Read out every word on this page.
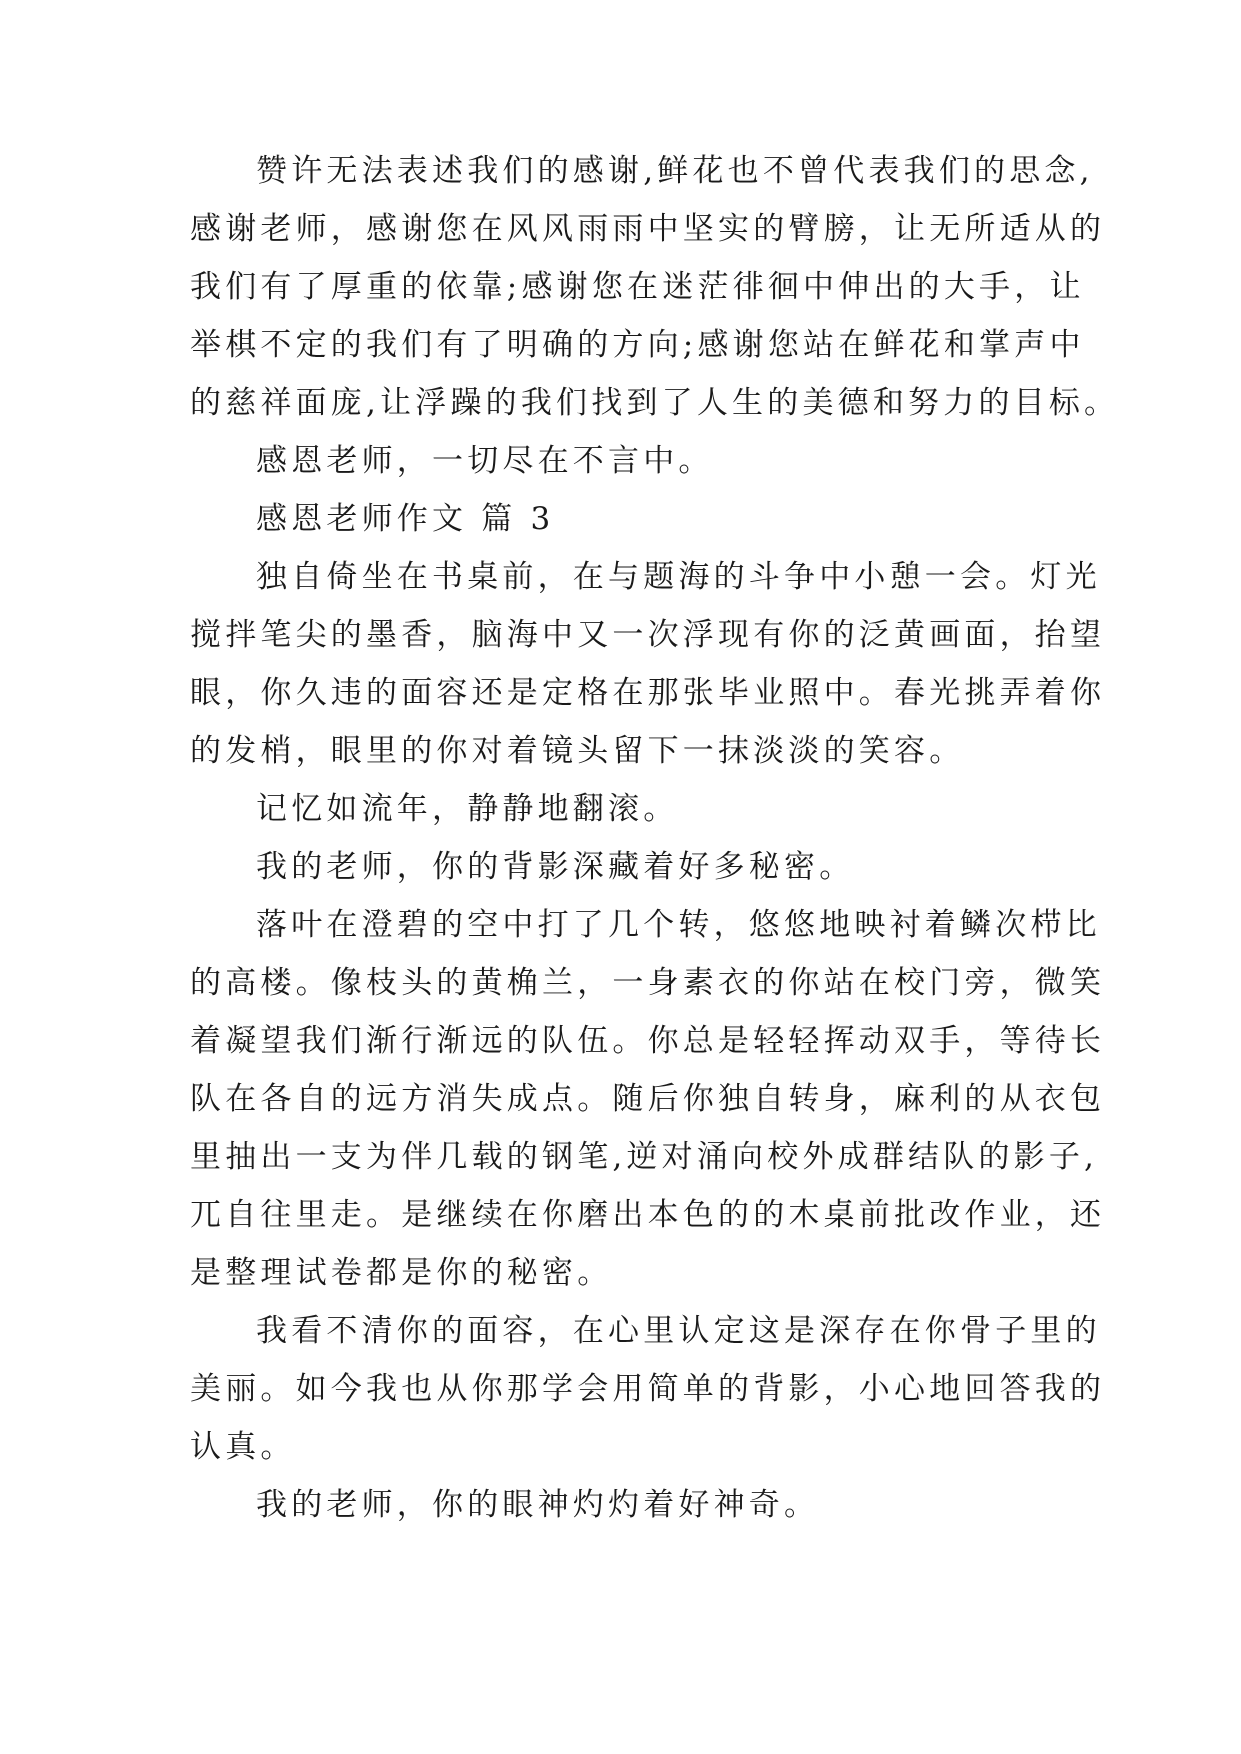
赞许无法表述我们的感谢,鲜花也不曾代表我们的思念,
感谢老师，感谢您在风风雨雨中坚实的臂膀，让无所适从的
我们有了厚重的依靠;感谢您在迷茫徘徊中伸出的大手，让
举棋不定的我们有了明确的方向;感谢您站在鲜花和掌声中
的慈祥面庞,让浮躁的我们找到了人生的美德和努力的目标。
感恩老师，一切尽在不言中。
感恩老师作文 篇 3
独自倚坐在书桌前，在与题海的斗争中小憩一会。灯光
搅拌笔尖的墨香，脑海中又一次浮现有你的泛黄画面，抬望
眼，你久违的面容还是定格在那张毕业照中。春光挑弄着你
的发梢，眼里的你对着镜头留下一抹淡淡的笑容。
记忆如流年，静静地翻滚。
我的老师，你的背影深藏着好多秘密。
落叶在澄碧的空中打了几个转，悠悠地映衬着鳞次栉比
的高楼。像枝头的黄桷兰，一身素衣的你站在校门旁，微笑
着凝望我们渐行渐远的队伍。你总是轻轻挥动双手，等待长
队在各自的远方消失成点。随后你独自转身，麻利的从衣包
里抽出一支为伴几载的钢笔,逆对涌向校外成群结队的影子,
兀自往里走。是继续在你磨出本色的的木桌前批改作业，还
是整理试卷都是你的秘密。
我看不清你的面容，在心里认定这是深存在你骨子里的
美丽。如今我也从你那学会用简单的背影，小心地回答我的
认真。
我的老师，你的眼神灼灼着好神奇。
